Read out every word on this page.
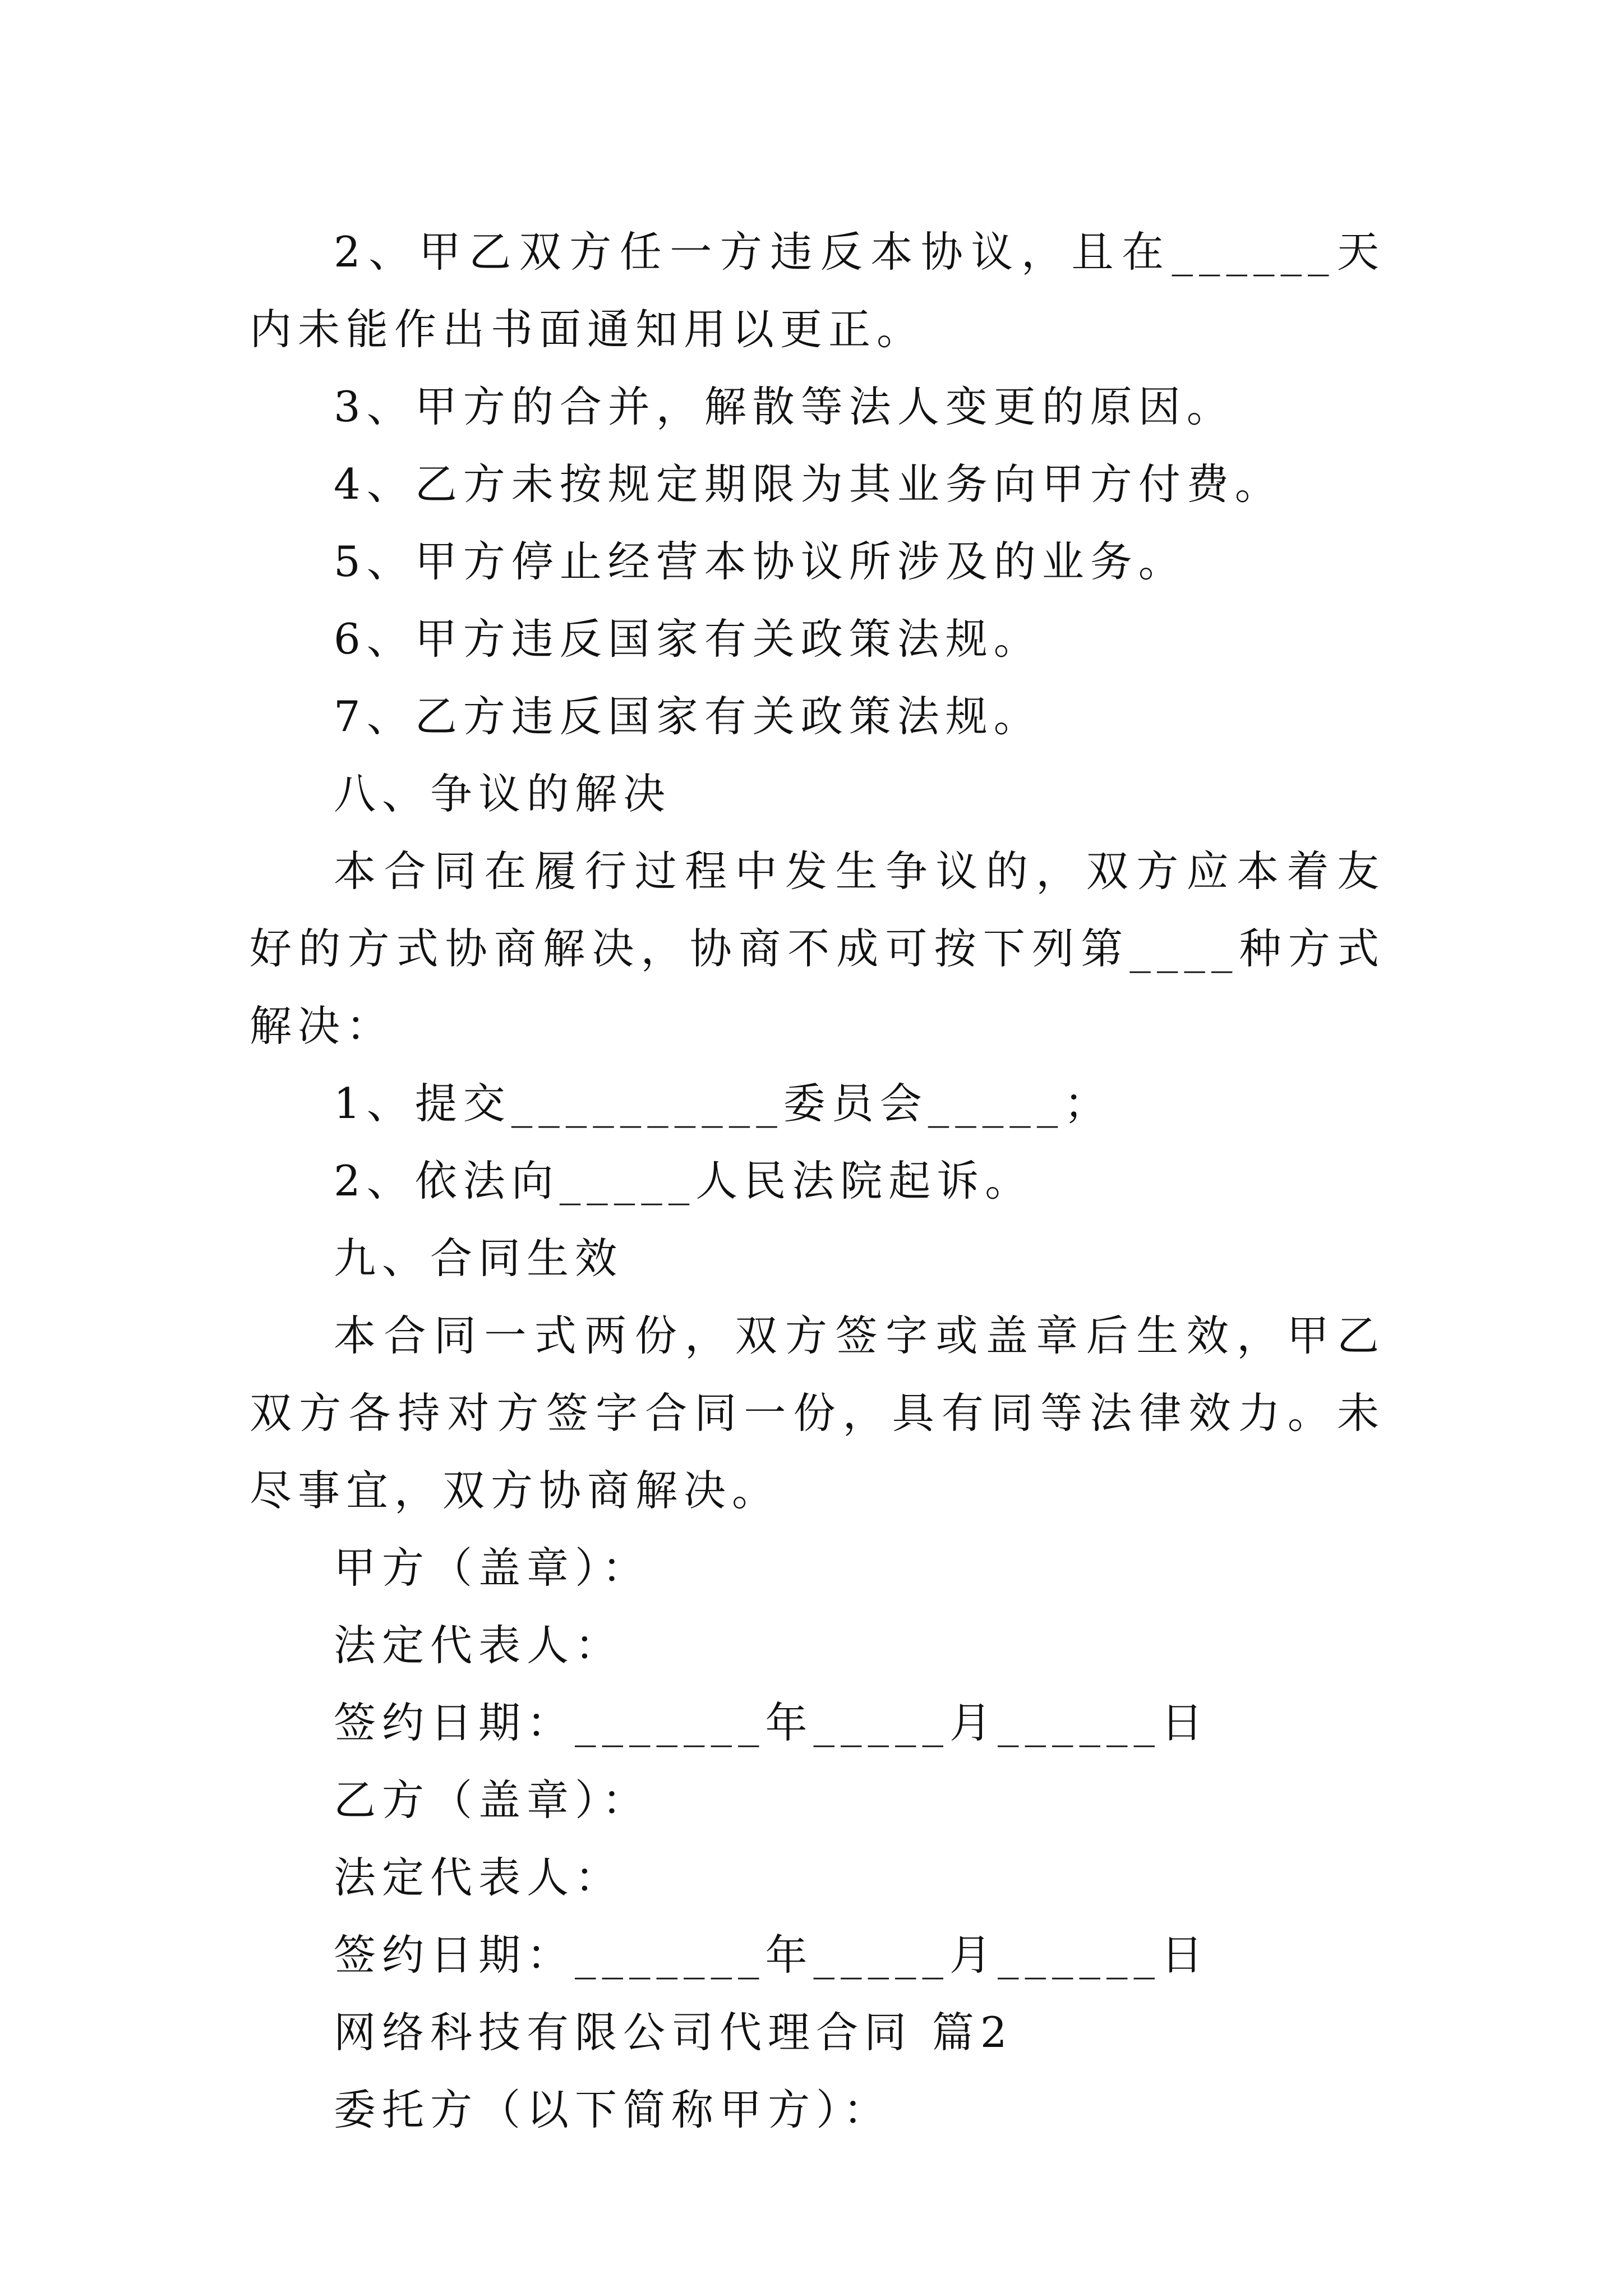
2、甲乙双方任一方违反本协议，且在______天内未能作出书面通知用以更正。

3、甲方的合并，解散等法人变更的原因。

4、乙方未按规定期限为其业务向甲方付费。

5、甲方停止经营本协议所涉及的业务。

6、甲方违反国家有关政策法规。

7、乙方违反国家有关政策法规。

八、争议的解决

本合同在履行过程中发生争议的，双方应本着友好的方式协商解决，协商不成可按下列第____种方式解决：

1、提交__________委员会_____；

2、依法向_____人民法院起诉。

九、合同生效

本合同一式两份，双方签字或盖章后生效，甲乙双方各持对方签字合同一份，具有同等法律效力。未尽事宜，双方协商解决。

甲方（盖章）：

法定代表人：

签约日期：_______年_____月______日

乙方（盖章）：

法定代表人：

签约日期：_______年_____月______日

网络科技有限公司代理合同 篇2

委托方（以下简称甲方）：
